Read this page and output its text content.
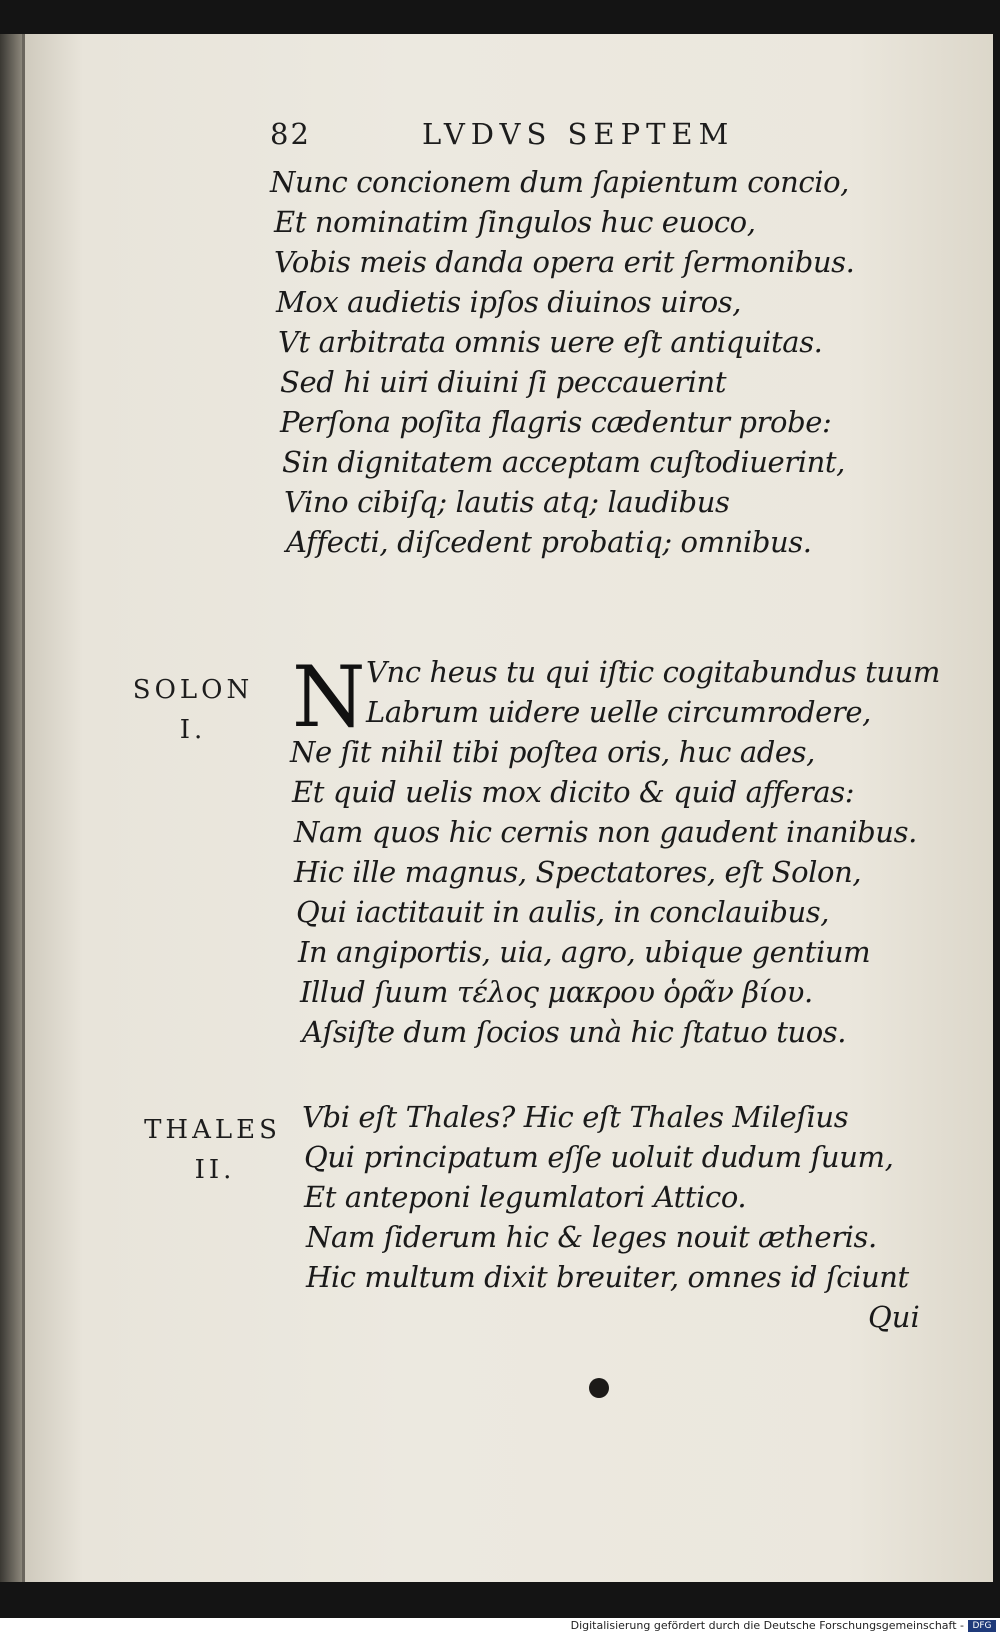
82	LVDVS SEPTEM
Nunc concionem dum ſapientum concio,
Et nominatim ſingulos huc euoco,
Vobis meis danda opera erit ſermonibus.
Mox audietis ipſos diuinos uiros,
Vt arbitrata omnis uere eſt antiquitas.
Sed hi uiri diuini ſi peccauerint
Perſona poſita flagris cædentur probe:
Sin dignitatem acceptam cuſtodiuerint,
Vino cibiſq; lautis atq; laudibus
Affecti, diſcedent probatiq; omnibus.
SOLON
I.	N Vnc heus tu qui iſtic cogitabundus tuum
Labrum uidere uelle circumrodere,
Ne ſit nihil tibi poſtea oris, huc ades,
Et quid uelis mox dicito & quid afferas:
Nam quos hic cernis non gaudent inanibus.
Hic ille magnus, Spectatores, eſt Solon,
Qui iactitauit in aulis, in conclauibus,
In angiportis, uia, agro, ubique gentium
Illud ſuum τέλος μακρου ὁρᾶν βίου.
Aſsiſte dum ſocios unà hic ſtatuo tuos.
THALES
II.
Vbi eſt Thales? Hic eſt Thales Mileſius
Qui principatum eſſe uoluit dudum ſuum,
Et anteponi legumlatori Attico.
Nam ſiderum hic & leges nouit ætheris.
Hic multum dixit breuiter, omnes id ſciunt
Qui
Digitalisierung gefördert durch die Deutsche Forschungsgemeinschaft - DFG
